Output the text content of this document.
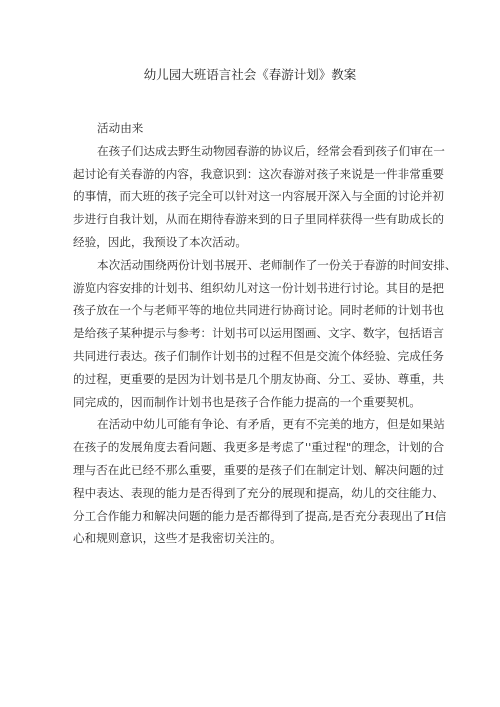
幼儿园大班语言社会《春游计划》教案
活动由来
在孩子们达成去野生动物园春游的协议后，经常会看到孩子们审在一
起讨论有关春游的内容，我意识到：这次春游对孩子来说是一件非常重要
的事情，而大班的孩子完全可以针对这一内容展开深入与全面的讨论并初
步进行自我计划，从而在期待春游来到的日子里同样获得一些有助成长的
经验，因此，我预设了本次活动。
本次活动围绕两份计划书展开、老师制作了一份关于春游的时间安排、
游览内容安排的计划书、组织幼儿对这一份计划书进行讨论。其目的是把
孩子放在一个与老师平等的地位共同进行协商讨论。同时老师的计划书也
是给孩子某种提示与参考：计划书可以运用图画、文字、数字，包括语言
共同进行表达。孩子们制作计划书的过程不但是交流个体经验、完成任务
的过程，更重要的是因为计划书是几个朋友协商、分工、妥协、尊重，共
同完成的，因而制作计划书也是孩子合作能力提高的一个重要契机。
在活动中幼儿可能有争论、有矛盾，更有不完美的地方，但是如果站
在孩子的发展角度去看问题、我更多是考虑了''重过程"的理念，计划的合
理与否在此已经不那么重要，重要的是孩子们在制定计划、解决问题的过
程中表达、表现的能力是否得到了充分的展现和提高，幼儿的交往能力、
分工合作能力和解决问题的能力是否都得到了提高,是否充分表现出了H信
心和规则意识，这些才是我密切关注的。
